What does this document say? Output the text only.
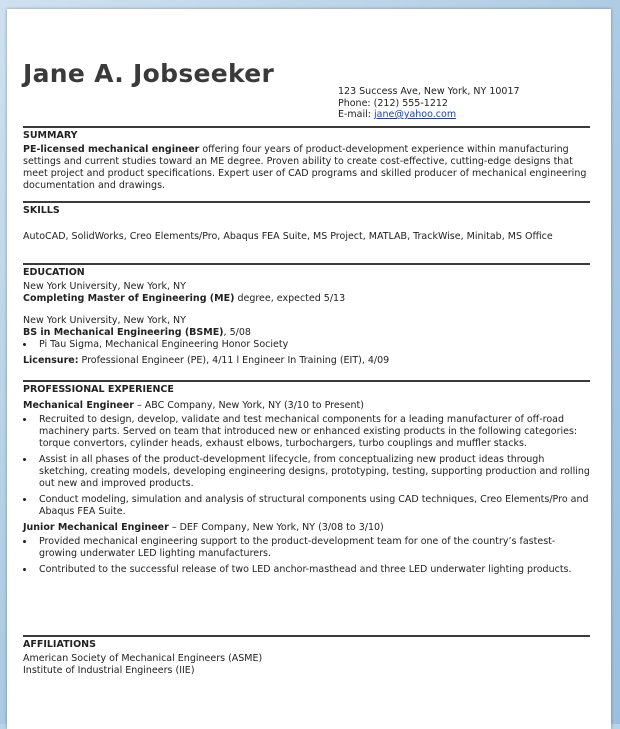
Jane A. Jobseeker
123 Success Ave, New York, NY 10017
Phone: (212) 555-1212
E-mail: jane@yahoo.com
SUMMARY
PE-licensed mechanical engineer offering four years of product-development experience within manufacturing settings and current studies toward an ME degree. Proven ability to create cost-effective, cutting-edge designs that meet project and product specifications. Expert user of CAD programs and skilled producer of mechanical engineering documentation and drawings.
SKILLS
AutoCAD, SolidWorks, Creo Elements/Pro, Abaqus FEA Suite, MS Project, MATLAB, TrackWise, Minitab, MS Office
EDUCATION
New York University, New York, NY
Completing Master of Engineering (ME) degree, expected 5/13
New York University, New York, NY
BS in Mechanical Engineering (BSME), 5/08
• Pi Tau Sigma, Mechanical Engineering Honor Society
Licensure: Professional Engineer (PE), 4/11 l Engineer In Training (EIT), 4/09
PROFESSIONAL EXPERIENCE
Mechanical Engineer – ABC Company, New York, NY (3/10 to Present)
• Recruited to design, develop, validate and test mechanical components for a leading manufacturer of off-road machinery parts. Served on team that introduced new or enhanced existing products in the following categories: torque convertors, cylinder heads, exhaust elbows, turbochargers, turbo couplings and muffler stacks.
• Assist in all phases of the product-development lifecycle, from conceptualizing new product ideas through sketching, creating models, developing engineering designs, prototyping, testing, supporting production and rolling out new and improved products.
• Conduct modeling, simulation and analysis of structural components using CAD techniques, Creo Elements/Pro and Abaqus FEA Suite.
Junior Mechanical Engineer – DEF Company, New York, NY (3/08 to 3/10)
• Provided mechanical engineering support to the product-development team for one of the country’s fastest-growing underwater LED lighting manufacturers.
• Contributed to the successful release of two LED anchor-masthead and three LED underwater lighting products.
AFFILIATIONS
American Society of Mechanical Engineers (ASME)
Institute of Industrial Engineers (IIE)
